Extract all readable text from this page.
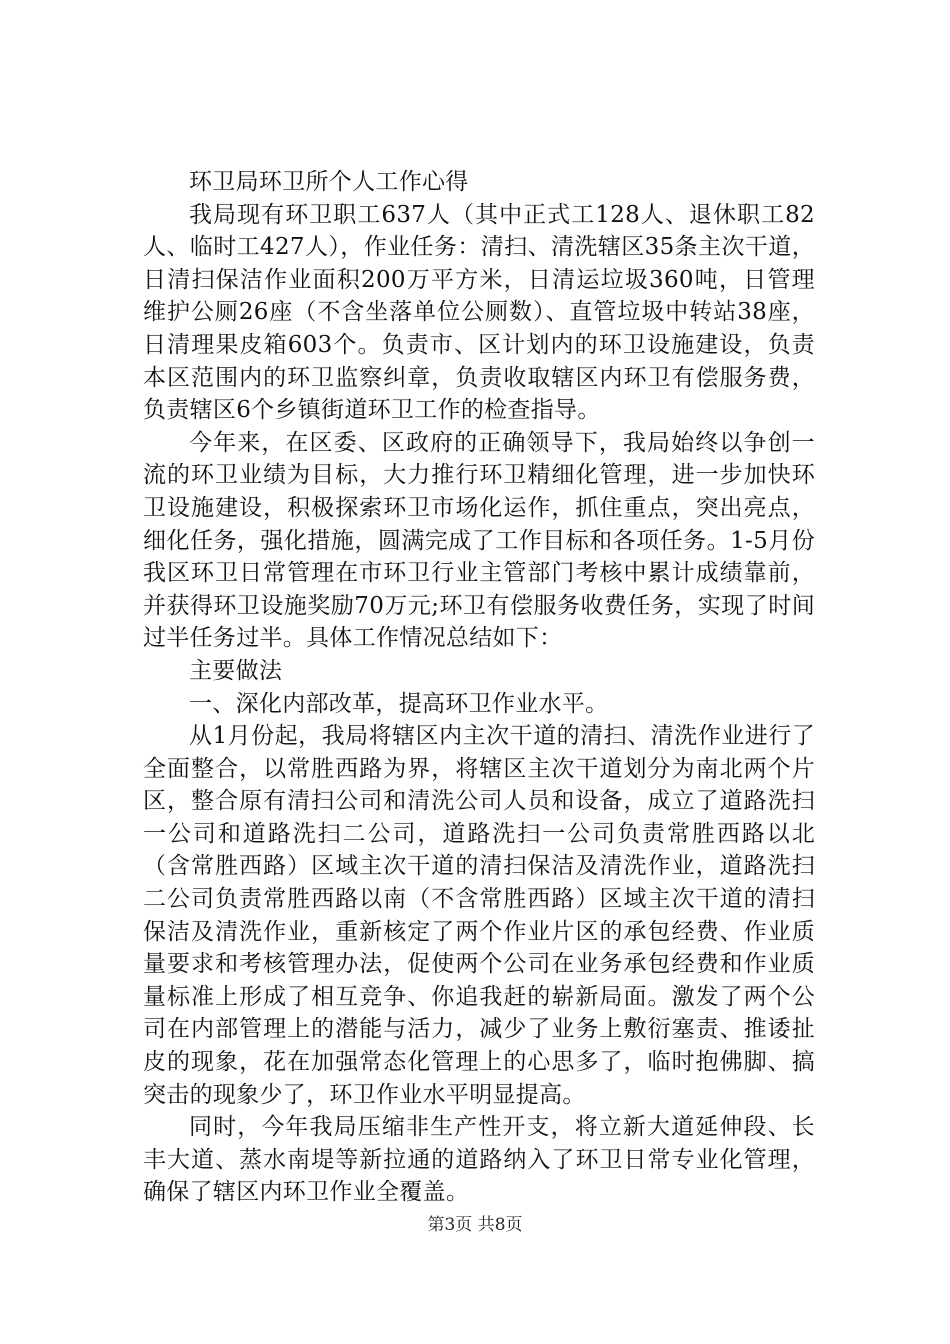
环卫局环卫所个人工作心得

我局现有环卫职工637人（其中正式工128人、退休职工82人、临时工427人），作业任务：清扫、清洗辖区35条主次干道，日清扫保洁作业面积200万平方米，日清运垃圾360吨，日管理维护公厕26座（不含坐落单位公厕数）、直管垃圾中转站38座，日清理果皮箱603个。负责市、区计划内的环卫设施建设，负责本区范围内的环卫监察纠章，负责收取辖区内环卫有偿服务费，负责辖区6个乡镇街道环卫工作的检查指导。

今年来，在区委、区政府的正确领导下，我局始终以争创一流的环卫业绩为目标，大力推行环卫精细化管理，进一步加快环卫设施建设，积极探索环卫市场化运作，抓住重点，突出亮点，细化任务，强化措施，圆满完成了工作目标和各项任务。1-5月份我区环卫日常管理在市环卫行业主管部门考核中累计成绩靠前，并获得环卫设施奖励70万元;环卫有偿服务收费任务，实现了时间过半任务过半。具体工作情况总结如下：

主要做法

一、深化内部改革，提高环卫作业水平。

从1月份起，我局将辖区内主次干道的清扫、清洗作业进行了全面整合，以常胜西路为界，将辖区主次干道划分为南北两个片区，整合原有清扫公司和清洗公司人员和设备，成立了道路洗扫一公司和道路洗扫二公司，道路洗扫一公司负责常胜西路以北（含常胜西路）区域主次干道的清扫保洁及清洗作业，道路洗扫二公司负责常胜西路以南（不含常胜西路）区域主次干道的清扫保洁及清洗作业，重新核定了两个作业片区的承包经费、作业质量要求和考核管理办法，促使两个公司在业务承包经费和作业质量标准上形成了相互竞争、你追我赶的崭新局面。激发了两个公司在内部管理上的潜能与活力，减少了业务上敷衍塞责、推诿扯皮的现象，花在加强常态化管理上的心思多了，临时抱佛脚、搞突击的现象少了，环卫作业水平明显提高。

同时，今年我局压缩非生产性开支，将立新大道延伸段、长丰大道、蒸水南堤等新拉通的道路纳入了环卫日常专业化管理，确保了辖区内环卫作业全覆盖。

第3页 共8页
